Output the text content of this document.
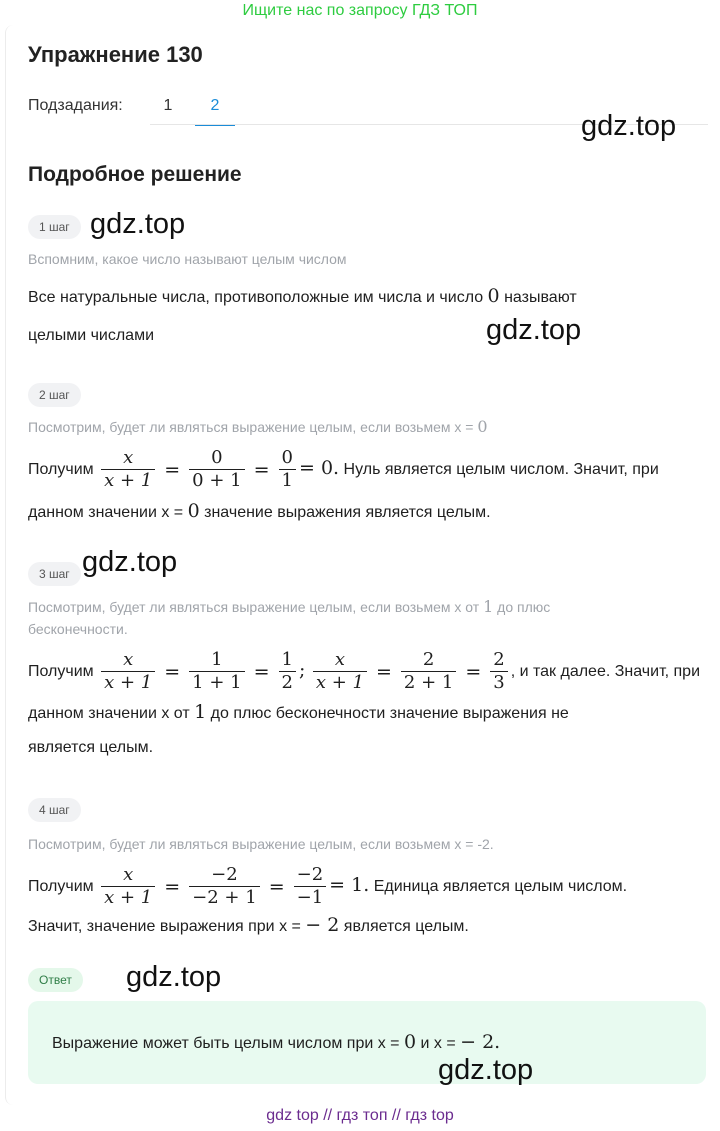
Ищите нас по запросу ГДЗ ТОП
Упражнение 130
Подзадания:	1	2
gdz.top
Подробное решение
1 шаг gdz.top
Вспомним, какое число называют целым числом
Все натуральные числа, противоположные им числа и число 0 называют
целыми числами	gdz.top
2 шаг
Посмотрим, будет ли являться выражение целым, если возьмем x = 0
Получим $\frac{x}{x + 1} = \frac{0}{0 + 1} = \frac{0}{1} = 0$. Нуль является целым числом. Значит, при
данном значении x = 0 значение выражения является целым.
3 шаг gdz.top
Посмотрим, будет ли являться выражение целым, если возьмем x от 1 до плюс
бесконечности.
Получим $\frac{x}{x + 1} = \frac{1}{1 + 1} = \frac{1}{2}$ ; $\frac{x}{x + 1} = \frac{2}{2 + 1} = \frac{2}{3}$ , и так далее. Значит, при
данном значении x от 1 до плюс бесконечности значение выражения не
является целым.
4 шаг
Посмотрим, будет ли являться выражение целым, если возьмем x = -2.
Получим $\frac{x}{x + 1} = \frac{-2}{-2 + 1} = \frac{-2}{-1} = 1$. Единица является целым числом.
Значит, значение выражения при x = − 2 является целым.
Ответ	gdz.top
Выражение может быть целым числом при x = 0 и x = − 2.
gdz.top
gdz top // гдз топ // гдз top
